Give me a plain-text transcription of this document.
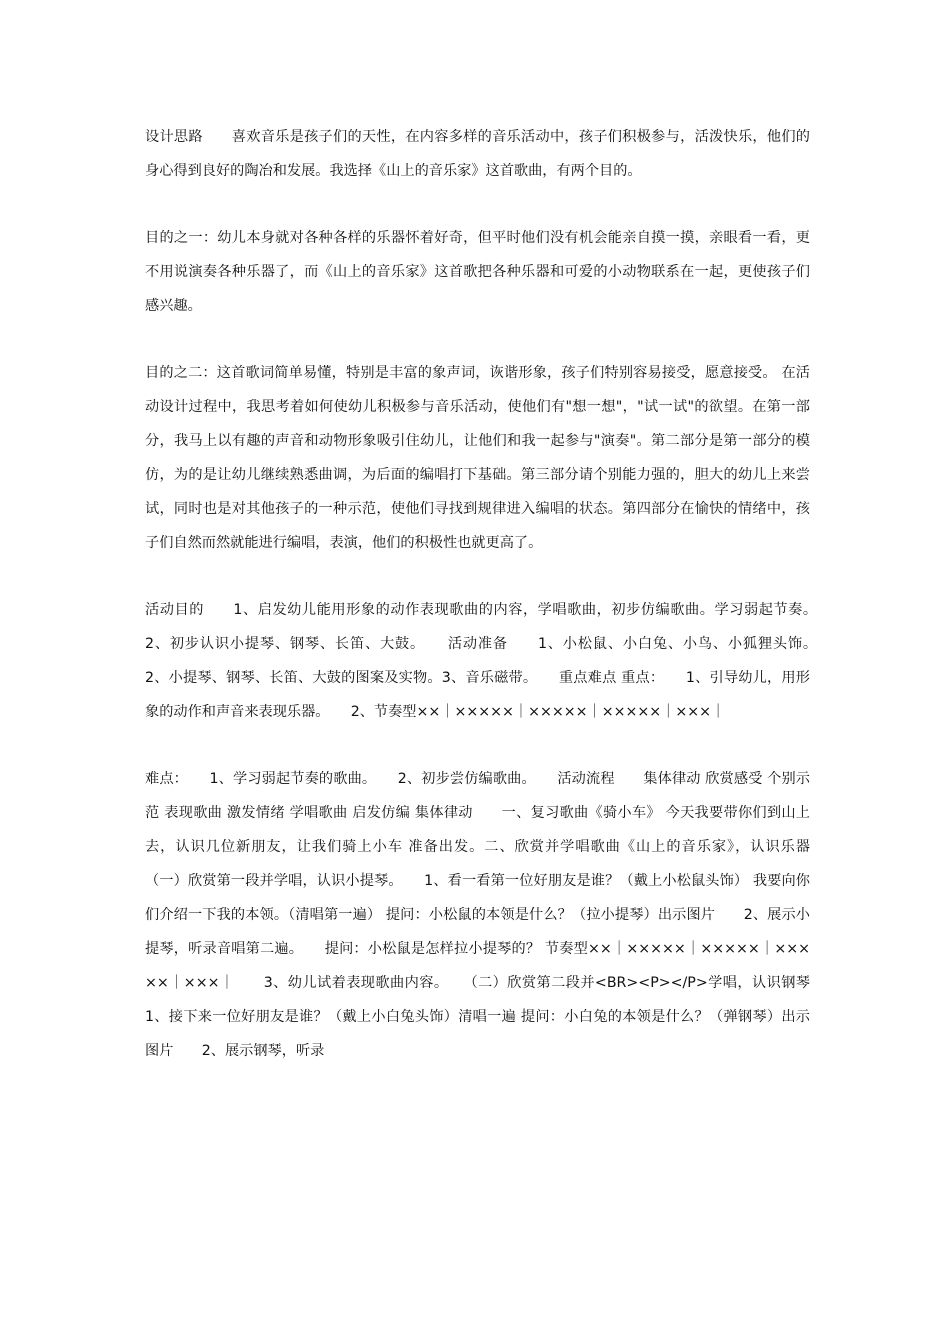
设计思路　　喜欢音乐是孩子们的天性，在内容多样的音乐活动中，孩子们积极参与，活泼快乐，他们的身心得到良好的陶冶和发展。我选择《山上的音乐家》这首歌曲，有两个目的。

目的之一：幼儿本身就对各种各样的乐器怀着好奇，但平时他们没有机会能亲自摸一摸，亲眼看一看，更不用说演奏各种乐器了，而《山上的音乐家》这首歌把各种乐器和可爱的小动物联系在一起，更使孩子们感兴趣。

目的之二：这首歌词简单易懂，特别是丰富的象声词，诙谐形象，孩子们特别容易接受，愿意接受。 在活动设计过程中，我思考着如何使幼儿积极参与音乐活动，使他们有"想一想"，"试一试"的欲望。在第一部分，我马上以有趣的声音和动物形象吸引住幼儿，让他们和我一起参与"演奏"。第二部分是第一部分的模仿，为的是让幼儿继续熟悉曲调，为后面的编唱打下基础。第三部分请个别能力强的，胆大的幼儿上来尝试，同时也是对其他孩子的一种示范，使他们寻找到规律进入编唱的状态。第四部分在愉快的情绪中，孩子们自然而然就能进行编唱，表演，他们的积极性也就更高了。

活动目的　　1、启发幼儿能用形象的动作表现歌曲的内容，学唱歌曲，初步仿编歌曲。学习弱起节奏。　　2、初步认识小提琴、钢琴、长笛、大鼓。　　活动准备　　1、小松鼠、小白兔、小鸟、小狐狸头饰。　　2、小提琴、钢琴、长笛、大鼓的图案及实物。3、音乐磁带。　　重点难点 重点：　　1、引导幼儿，用形象的动作和声音来表现乐器。　　2、节奏型××｜×××××｜×××××｜×××××｜×××｜

难点：　　1、学习弱起节奏的歌曲。　　2、初步尝仿编歌曲。　　活动流程　　集体律动 欣赏感受 个别示范 表现歌曲 激发情绪 学唱歌曲 启发仿编 集体律动　　一、复习歌曲《骑小车》 今天我要带你们到山上去，认识几位新朋友，让我们骑上小车 准备出发。二、欣赏并学唱歌曲《山上的音乐家》，认识乐器　　（一）欣赏第一段并学唱，认识小提琴。　　1、看一看第一位好朋友是谁？（戴上小松鼠头饰） 我要向你们介绍一下我的本领。（清唱第一遍） 提问：小松鼠的本领是什么？（拉小提琴）出示图片　　2、展示小提琴，听录音唱第二遍。　　提问：小松鼠是怎样拉小提琴的？ 节奏型××｜×××××｜×××××｜×××××｜×××｜　　3、幼儿试着表现歌曲内容。　　（二）欣赏第二段并<BR><P></P>学唱，认识钢琴　　1、接下来一位好朋友是谁？（戴上小白兔头饰）清唱一遍 提问：小白兔的本领是什么？（弹钢琴）出示图片　　2、展示钢琴，听录
